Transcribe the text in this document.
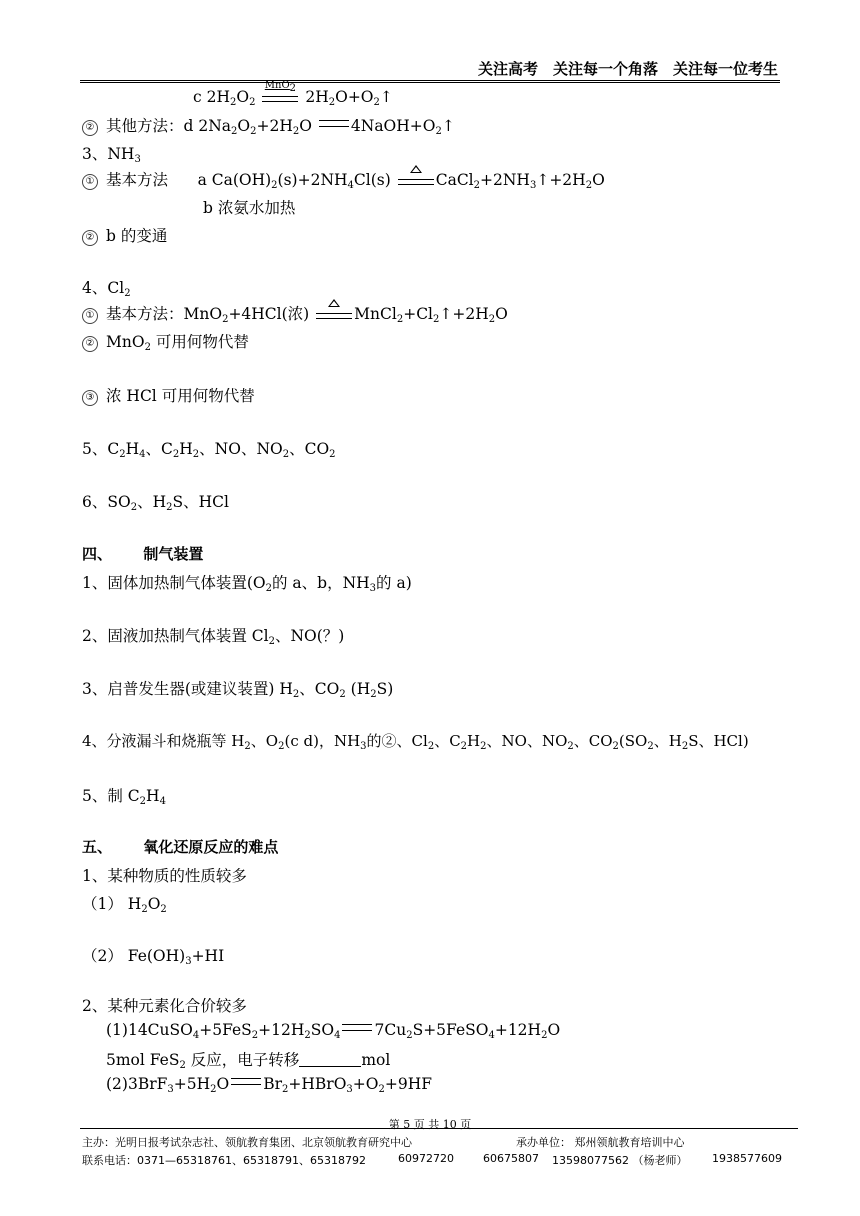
关注高考　关注每一个角落　关注每一位考生
c $2H_2O_2$
MnO$_2$ $2H_2O+O_2↑$
② 其他方法：d $2Na_2O_2+2H_2O$	$4NaOH+O_2↑$
3、$NH_3$
① 基本方法 a $Ca(OH)_2(s)+2NH_4Cl(s)$	$CaCl_2+2NH_3↑+2H_2O$
b 浓氨水加热
② b 的变通
4、$Cl_2$
① 基本方法：MnO$_2$+4HCl(浓)	$MnCl_2+Cl_2↑+2H_2O$
② MnO$_2$ 可用何物代替
③ 浓 HCl 可用何物代替
5、$C_2H_4$、$C_2H_2$、NO、$NO_2$、$CO_2$
6、$SO_2$、$H_2S$、HCl
四、 制气装置
1、固体加热制气体装置($O_2$的 a、b，$NH_3$的 a)
2、固液加热制气体装置 $Cl_2$、NO(？)
3、启普发生器(或建议装置) $H_2$、$CO_2$ $(H_2S)$
4、分液漏斗和烧瓶等 $H_2$、$O_2(c$ d)，$NH_3$的②、$Cl_2$、$C_2H_2$、NO、$NO_2$、$CO_2(SO_2$、$H_2S$、HCl)
5、制 $C_2H_4$
五、 氧化还原反应的难点
1、某种物质的性质较多
（1） $H_2O_2$
（2） $Fe(OH)_3+HI$
2、某种元素化合价较多
$(1)14CuSO_4+5FeS_2+12H_2SO_4$ $7Cu_2S+5FeSO_4+12H_2O$
5mol FeS$_2$ 反应，电子转移	mol
$(2)3BrF_3+5H_2O$ $Br_2+HBrO_3+O_2+9HF$
第 5 页 共 10 页
主办：光明日报考试杂志社、领航教育集团、北京领航教育研究中心	承办单位： 郑州领航教育培训中心
联系电话：0371—65318761、65318791、65318792	60972720	60675807 13598077562 （杨老师） 1938577609
